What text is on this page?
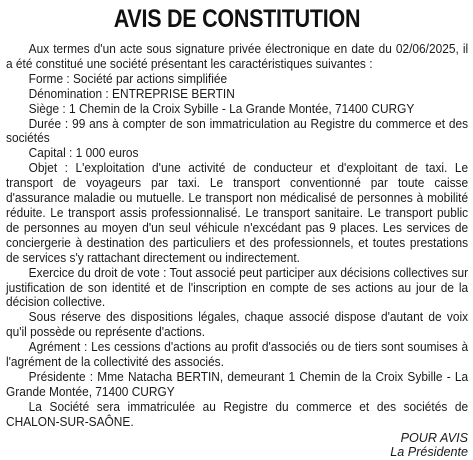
AVIS DE CONSTITUTION

Aux termes d'un acte sous signature privée électronique en date du 02/06/2025, il a été constitué une société présentant les caractéristiques suivantes :

Forme : Société par actions simplifiée

Dénomination : ENTREPRISE BERTIN

Siège : 1 Chemin de la Croix Sybille - La Grande Montée, 71400 CURGY

Durée : 99 ans à compter de son immatriculation au Registre du commerce et des sociétés

Capital : 1 000 euros

Objet : L'exploitation d'une activité de conducteur et d'exploitant de taxi. Le transport de voyageurs par taxi. Le transport conventionné par toute caisse d'assurance maladie ou mutuelle. Le transport non médicalisé de personnes à mobilité réduite. Le transport assis professionnalisé. Le transport sanitaire. Le transport public de personnes au moyen d'un seul véhicule n'excédant pas 9 places. Les services de conciergerie à destination des particuliers et des professionnels, et toutes prestations de services s'y rattachant directement ou indirectement.

Exercice du droit de vote : Tout associé peut participer aux décisions collectives sur justification de son identité et de l'inscription en compte de ses actions au jour de la décision collective.

Sous réserve des dispositions légales, chaque associé dispose d'autant de voix qu'il possède ou représente d'actions.

Agrément : Les cessions d'actions au profit d'associés ou de tiers sont soumises à l'agrément de la collectivité des associés.

Présidente : Mme Natacha BERTIN, demeurant 1 Chemin de la Croix Sybille - La Grande Montée, 71400 CURGY

La Société sera immatriculée au Registre du commerce et des sociétés de CHALON-SUR-SAÔNE.

POUR AVIS
La Présidente
